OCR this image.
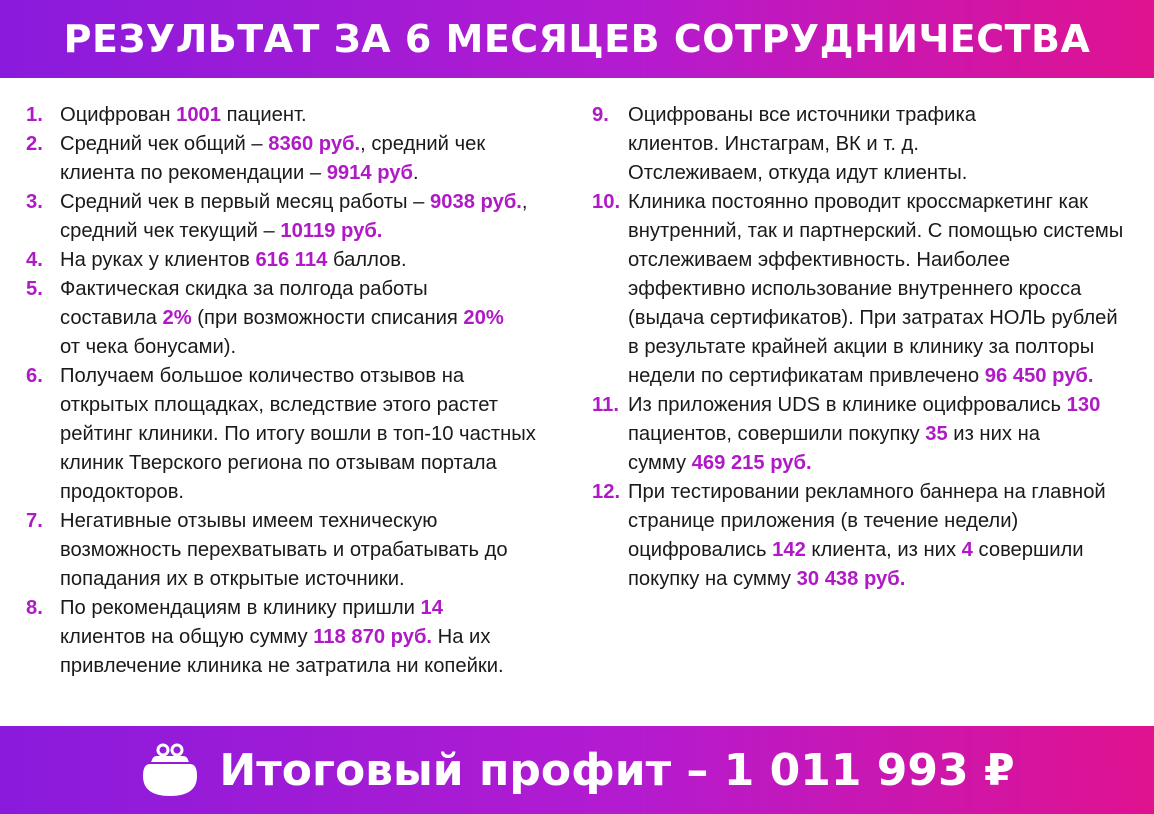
РЕЗУЛЬТАТ ЗА 6 МЕСЯЦЕВ СОТРУДНИЧЕСТВА
1. Оцифрован 1001 пациент.
2. Средний чек общий – 8360 руб., средний чек клиента по рекомендации – 9914 руб.
3. Средний чек в первый месяц работы – 9038 руб., средний чек текущий – 10119 руб.
4. На руках у клиентов 616 114 баллов.
5. Фактическая скидка за полгода работы составила 2% (при возможности списания 20% от чека бонусами).
6. Получаем большое количество отзывов на открытых площадках, вследствие этого растет рейтинг клиники. По итогу вошли в топ-10 частных клиник Тверского региона по отзывам портала продокторов.
7. Негативные отзывы имеем техническую возможность перехватывать и отрабатывать до попадания их в открытые источники.
8. По рекомендациям в клинику пришли 14 клиентов на общую сумму 118 870 руб. На их привлечение клиника не затратила ни копейки.
9. Оцифрованы все источники трафика клиентов. Инстаграм, ВК и т. д. Отслеживаем, откуда идут клиенты.
10. Клиника постоянно проводит кроссмаркетинг как внутренний, так и партнерский. С помощью системы отслеживаем эффективность. Наиболее эффективно использование внутреннего кросса (выдача сертификатов). При затратах НОЛЬ рублей в результате крайней акции в клинику за полторы недели по сертификатам привлечено 96 450 руб.
11. Из приложения UDS в клинике оцифровались 130 пациентов, совершили покупку 35 из них на сумму 469 215 руб.
12. При тестировании рекламного баннера на главной странице приложения (в течение недели) оцифровались 142 клиента, из них 4 совершили покупку на сумму 30 438 руб.
Итоговый профит – 1 011 993 ₽
